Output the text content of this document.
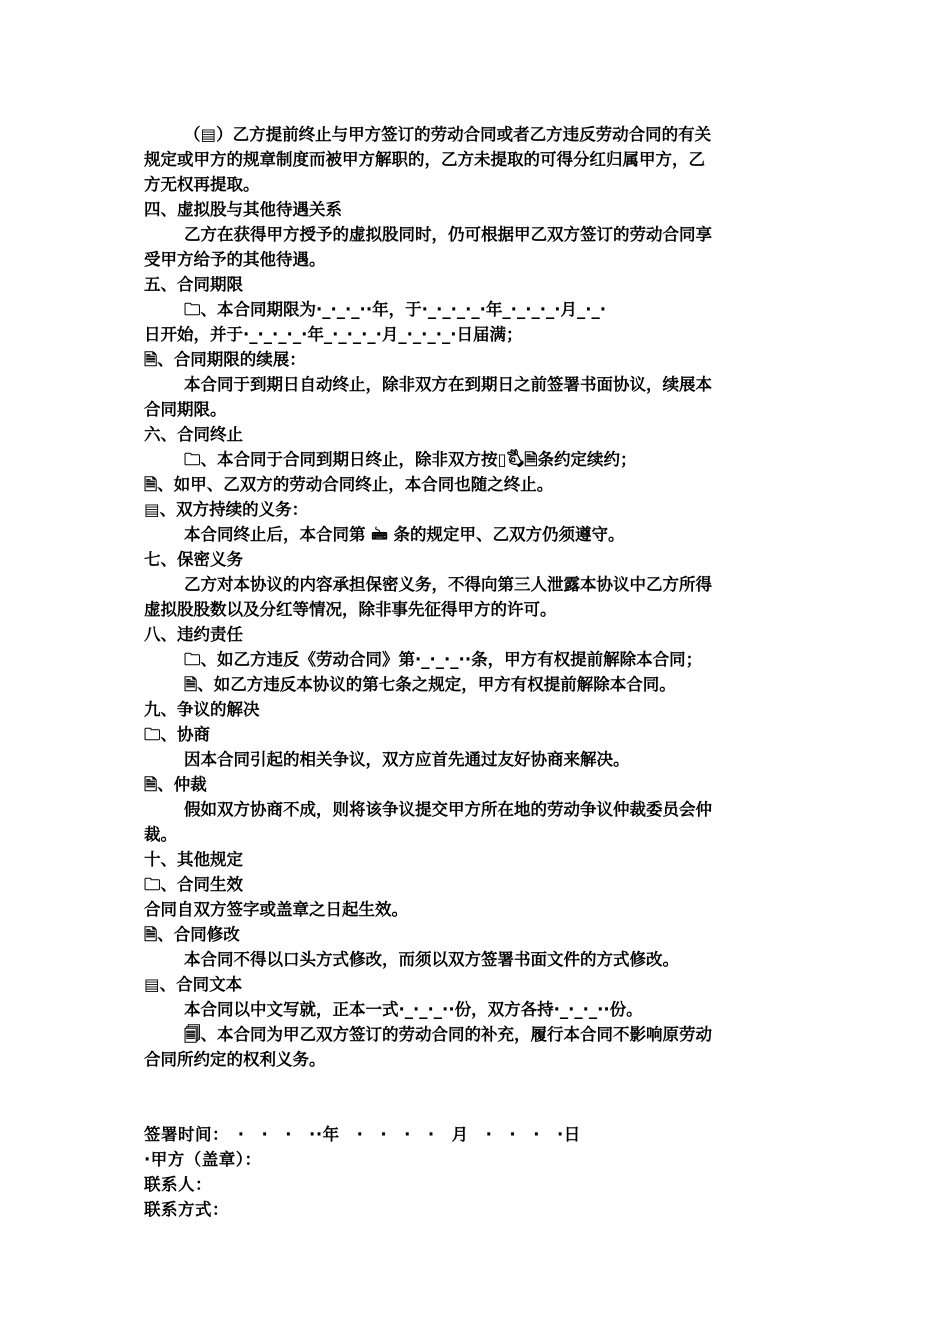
（▤）乙方提前终止与甲方签订的劳动合同或者乙方违反劳动合同的有关
规定或甲方的规章制度而被甲方解职的，乙方未提取的可得分红归属甲方，乙
方无权再提取。
四、虚拟股与其他待遇关系
乙方在获得甲方授予的虚拟股同时，仍可根据甲乙双方签订的劳动合同享
受甲方给予的其他待遇。
五、合同期限
🗀、本合同期限为·_·_·_··年，于·_·_·_·_·年_·_·_·_·月_·_·
日开始，并于·_·_·_·_·年_·_·_·_·月_·_·_·_·日届满；
🗎、合同期限的续展：
本合同于到期日自动终止，除非双方在到期日之前签署书面协议，续展本
合同期限。
六、合同终止
🗀、本合同于合同到期日终止，除非双方按▯🖏🗎条约定续约；
🗎、如甲、乙双方的劳动合同终止，本合同也随之终止。
▤、双方持续的义务：
本合同终止后，本合同第 🖮 条的规定甲、乙双方仍须遵守。
七、保密义务
乙方对本协议的内容承担保密义务，不得向第三人泄露本协议中乙方所得
虚拟股股数以及分红等情况，除非事先征得甲方的许可。
八、违约责任
🗀、如乙方违反《劳动合同》第·_·_·_··条，甲方有权提前解除本合同；
🗎、如乙方违反本协议的第七条之规定，甲方有权提前解除本合同。
九、争议的解决
🗀、协商
因本合同引起的相关争议，双方应首先通过友好协商来解决。
🗎、仲裁
假如双方协商不成，则将该争议提交甲方所在地的劳动争议仲裁委员会仲
裁。
十、其他规定
🗀、合同生效
合同自双方签字或盖章之日起生效。
🗎、合同修改
本合同不得以口头方式修改，而须以双方签署书面文件的方式修改。
▤、合同文本
本合同以中文写就，正本一式·_·_·_··份，双方各持·_·_·_··份。
🗐、本合同为甲乙双方签订的劳动合同的补充，履行本合同不影响原劳动
合同所约定的权利义务。
签署时间：　·　·　·　··年　·　·　·　·　月　·　·　·　·日
·甲方（盖章）：
联系人：
联系方式：
